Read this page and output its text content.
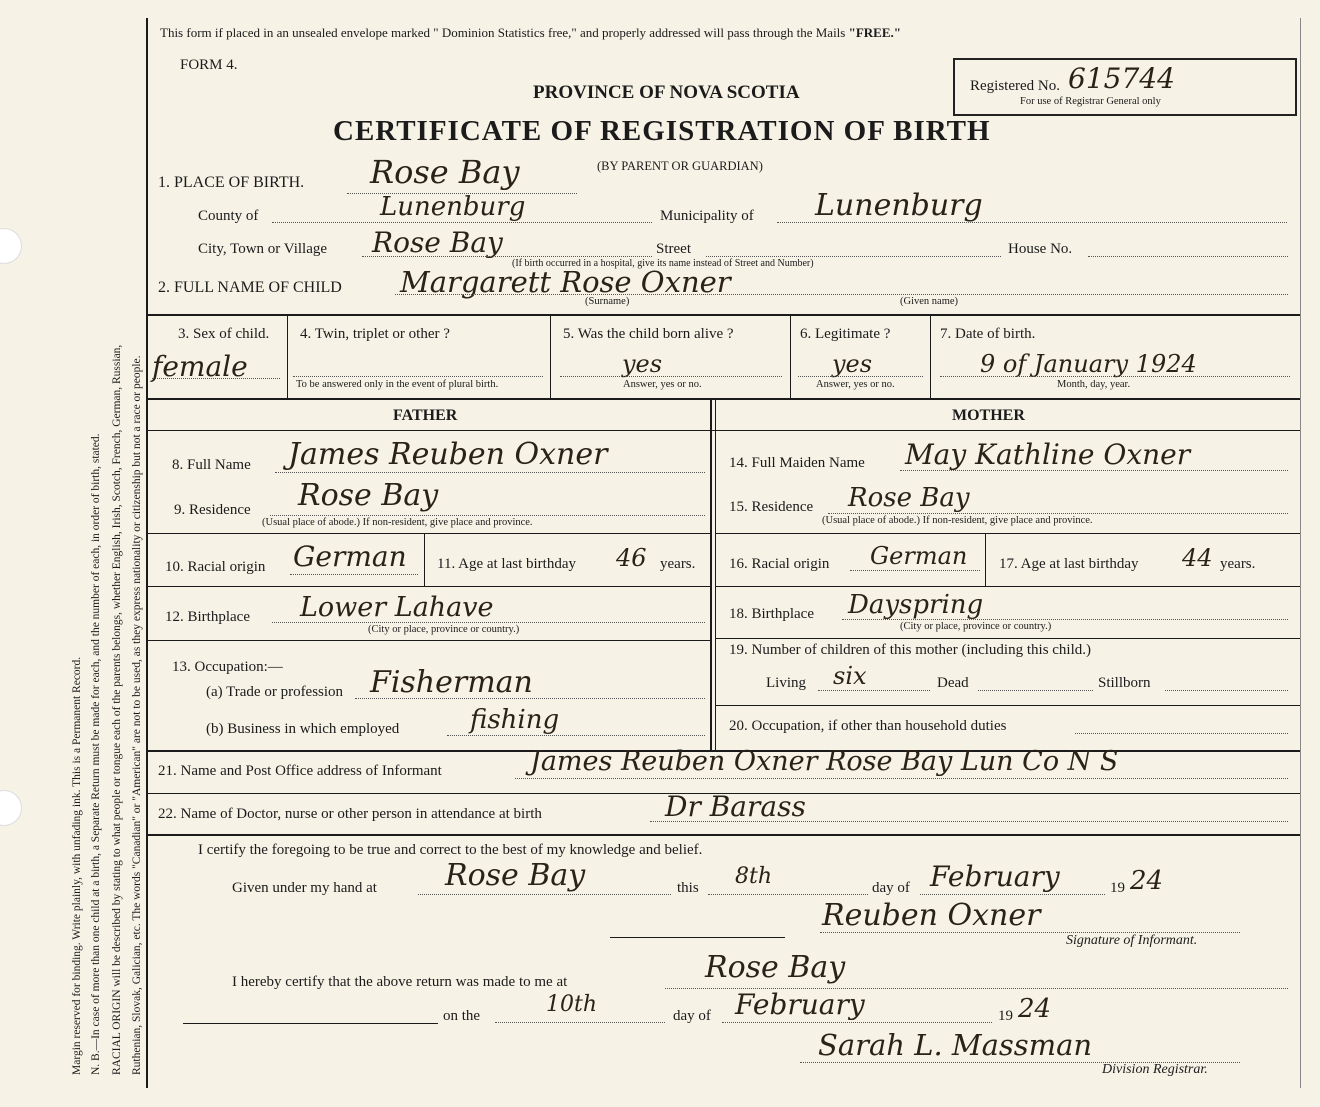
Margin reserved for binding. Write plainly, with unfading ink. This is a Permanent Record. N. B.—In case of more than one child at a birth, a Separate Return must be made for each, and the number of each, in order of birth, stated. RACIAL ORIGIN will be described by stating to what people or tongue each of the parents belongs, whether English, Irish, Scotch, French, German, Russian, Ruthenian, Slovak, Galician, etc. The words "Canadian" or "American" are not to be used, as they express nationality or citizenship but not a race or people.
This form if placed in an unsealed envelope marked " Dominion Statistics free," and properly addressed will pass through the Mails "FREE."
FORM 4.
PROVINCE OF NOVA SCOTIA
CERTIFICATE OF REGISTRATION OF BIRTH
(BY PARENT OR GUARDIAN)
Registered No. 615744
For use of Registrar General only
1. PLACE OF BIRTH. Rose Bay
County of	Lunenburg	Municipality of Lunenburg
City, Town or Village Rose Bay	Street	House No.
(If birth occurred in a hospital, give its name instead of Street and Number)
2. FULL NAME OF CHILD Margarett Rose Oxner
(Surname)	(Given name)
3. Sex of child.
female
4. Twin, triplet or other ?
To be answered only in the event of plural birth.
5. Was the child born alive ?
yes
Answer, yes or no.
6. Legitimate ?
yes
Answer, yes or no.
7. Date of birth.
9 of January 1924
Month, day, year.
FATHER	MOTHER
8. Full Name James Reuben Oxner
9. Residence Rose Bay
(Usual place of abode.) If non-resident, give place and province.
10. Racial origin German 11. Age at last birthday 46 years.
12. Birthplace Lower Lahave
(City or place, province or country.)
13. Occupation:—
(a) Trade or profession Fisherman
(b) Business in which employed	fishing
14. Full Maiden Name May Kathline Oxner
15. Residence Rose Bay
(Usual place of abode.) If non-resident, give place and province.
16. Racial origin German 17. Age at last birthday 44 years.
18. Birthplace Dayspring
(City or place, province or country.)
19. Number of children of this mother (including this child.)
Living six	Dead	Stillborn
20. Occupation, if other than household duties
21. Name and Post Office address of Informant	James Reuben Oxner Rose Bay Lun Co N S
22. Name of Doctor, nurse or other person in attendance at birth	Dr Barass
I certify the foregoing to be true and correct to the best of my knowledge and belief.
Given under my hand at Rose Bay	this 8th	day of February	19 24
Reuben Oxner
Signature of Informant.
I hereby certify that the above return was made to me at	Rose Bay
on the	10th	day of February	19 24
Sarah L. Massman
Division Registrar.
